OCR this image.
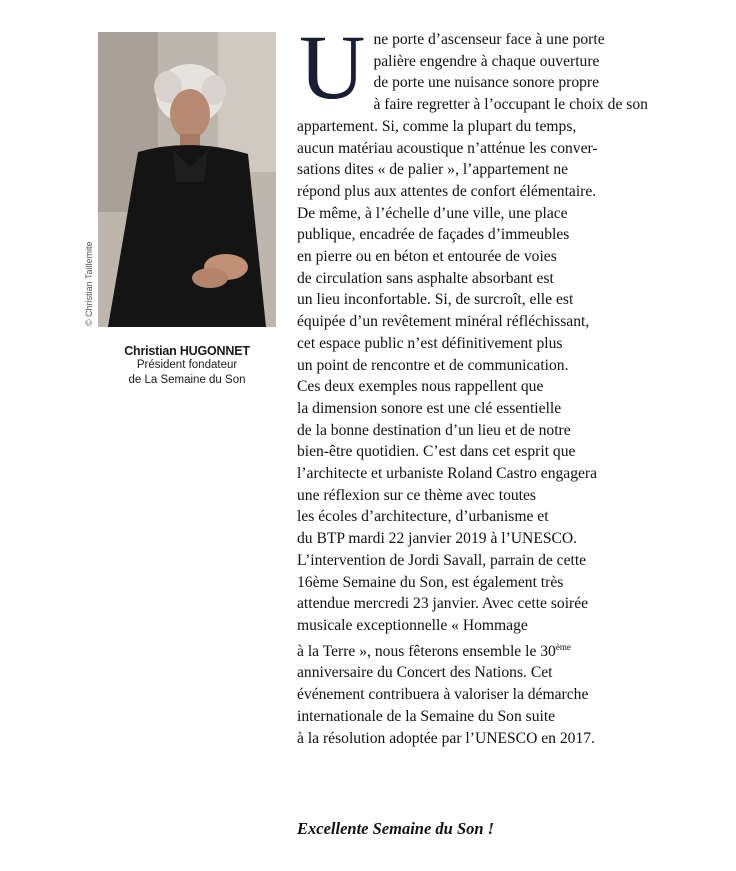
© Christian Taillemite
Christian HUGONNET
Président fondateur
de La Semaine du Son
U ne porte d’ascenseur face à une porte
palière engendre à chaque ouverture
de porte une nuisance sonore propre
à faire regretter à l’occupant le choix de son
appartement. Si, comme la plupart du temps,
aucun matériau acoustique n’atténue les conver-
sations dites « de palier », l’appartement ne
répond plus aux attentes de confort élémentaire.
De même, à l’échelle d’une ville, une place
publique, encadrée de façades d’immeubles
en pierre ou en béton et entourée de voies
de circulation sans asphalte absorbant est
un lieu inconfortable. Si, de surcroît, elle est
équipée d’un revêtement minéral réfléchissant,
cet espace public n’est définitivement plus
un point de rencontre et de communication.
Ces deux exemples nous rappellent que
la dimension sonore est une clé essentielle
de la bonne destination d’un lieu et de notre
bien-être quotidien. C’est dans cet esprit que
l’architecte et urbaniste Roland Castro engagera
une réflexion sur ce thème avec toutes
les écoles d’architecture, d’urbanisme et
du BTP mardi 22 janvier 2019 à l’UNESCO.
L’intervention de Jordi Savall, parrain de cette
16ème Semaine du Son, est également très
attendue mercredi 23 janvier. Avec cette soirée
musicale exceptionnelle « Hommage
à la Terre », nous fêterons ensemble le 30ème
anniversaire du Concert des Nations. Cet
événement contribuera à valoriser la démarche
internationale de la Semaine du Son suite
à la résolution adoptée par l’UNESCO en 2017.
Excellente Semaine du Son !
